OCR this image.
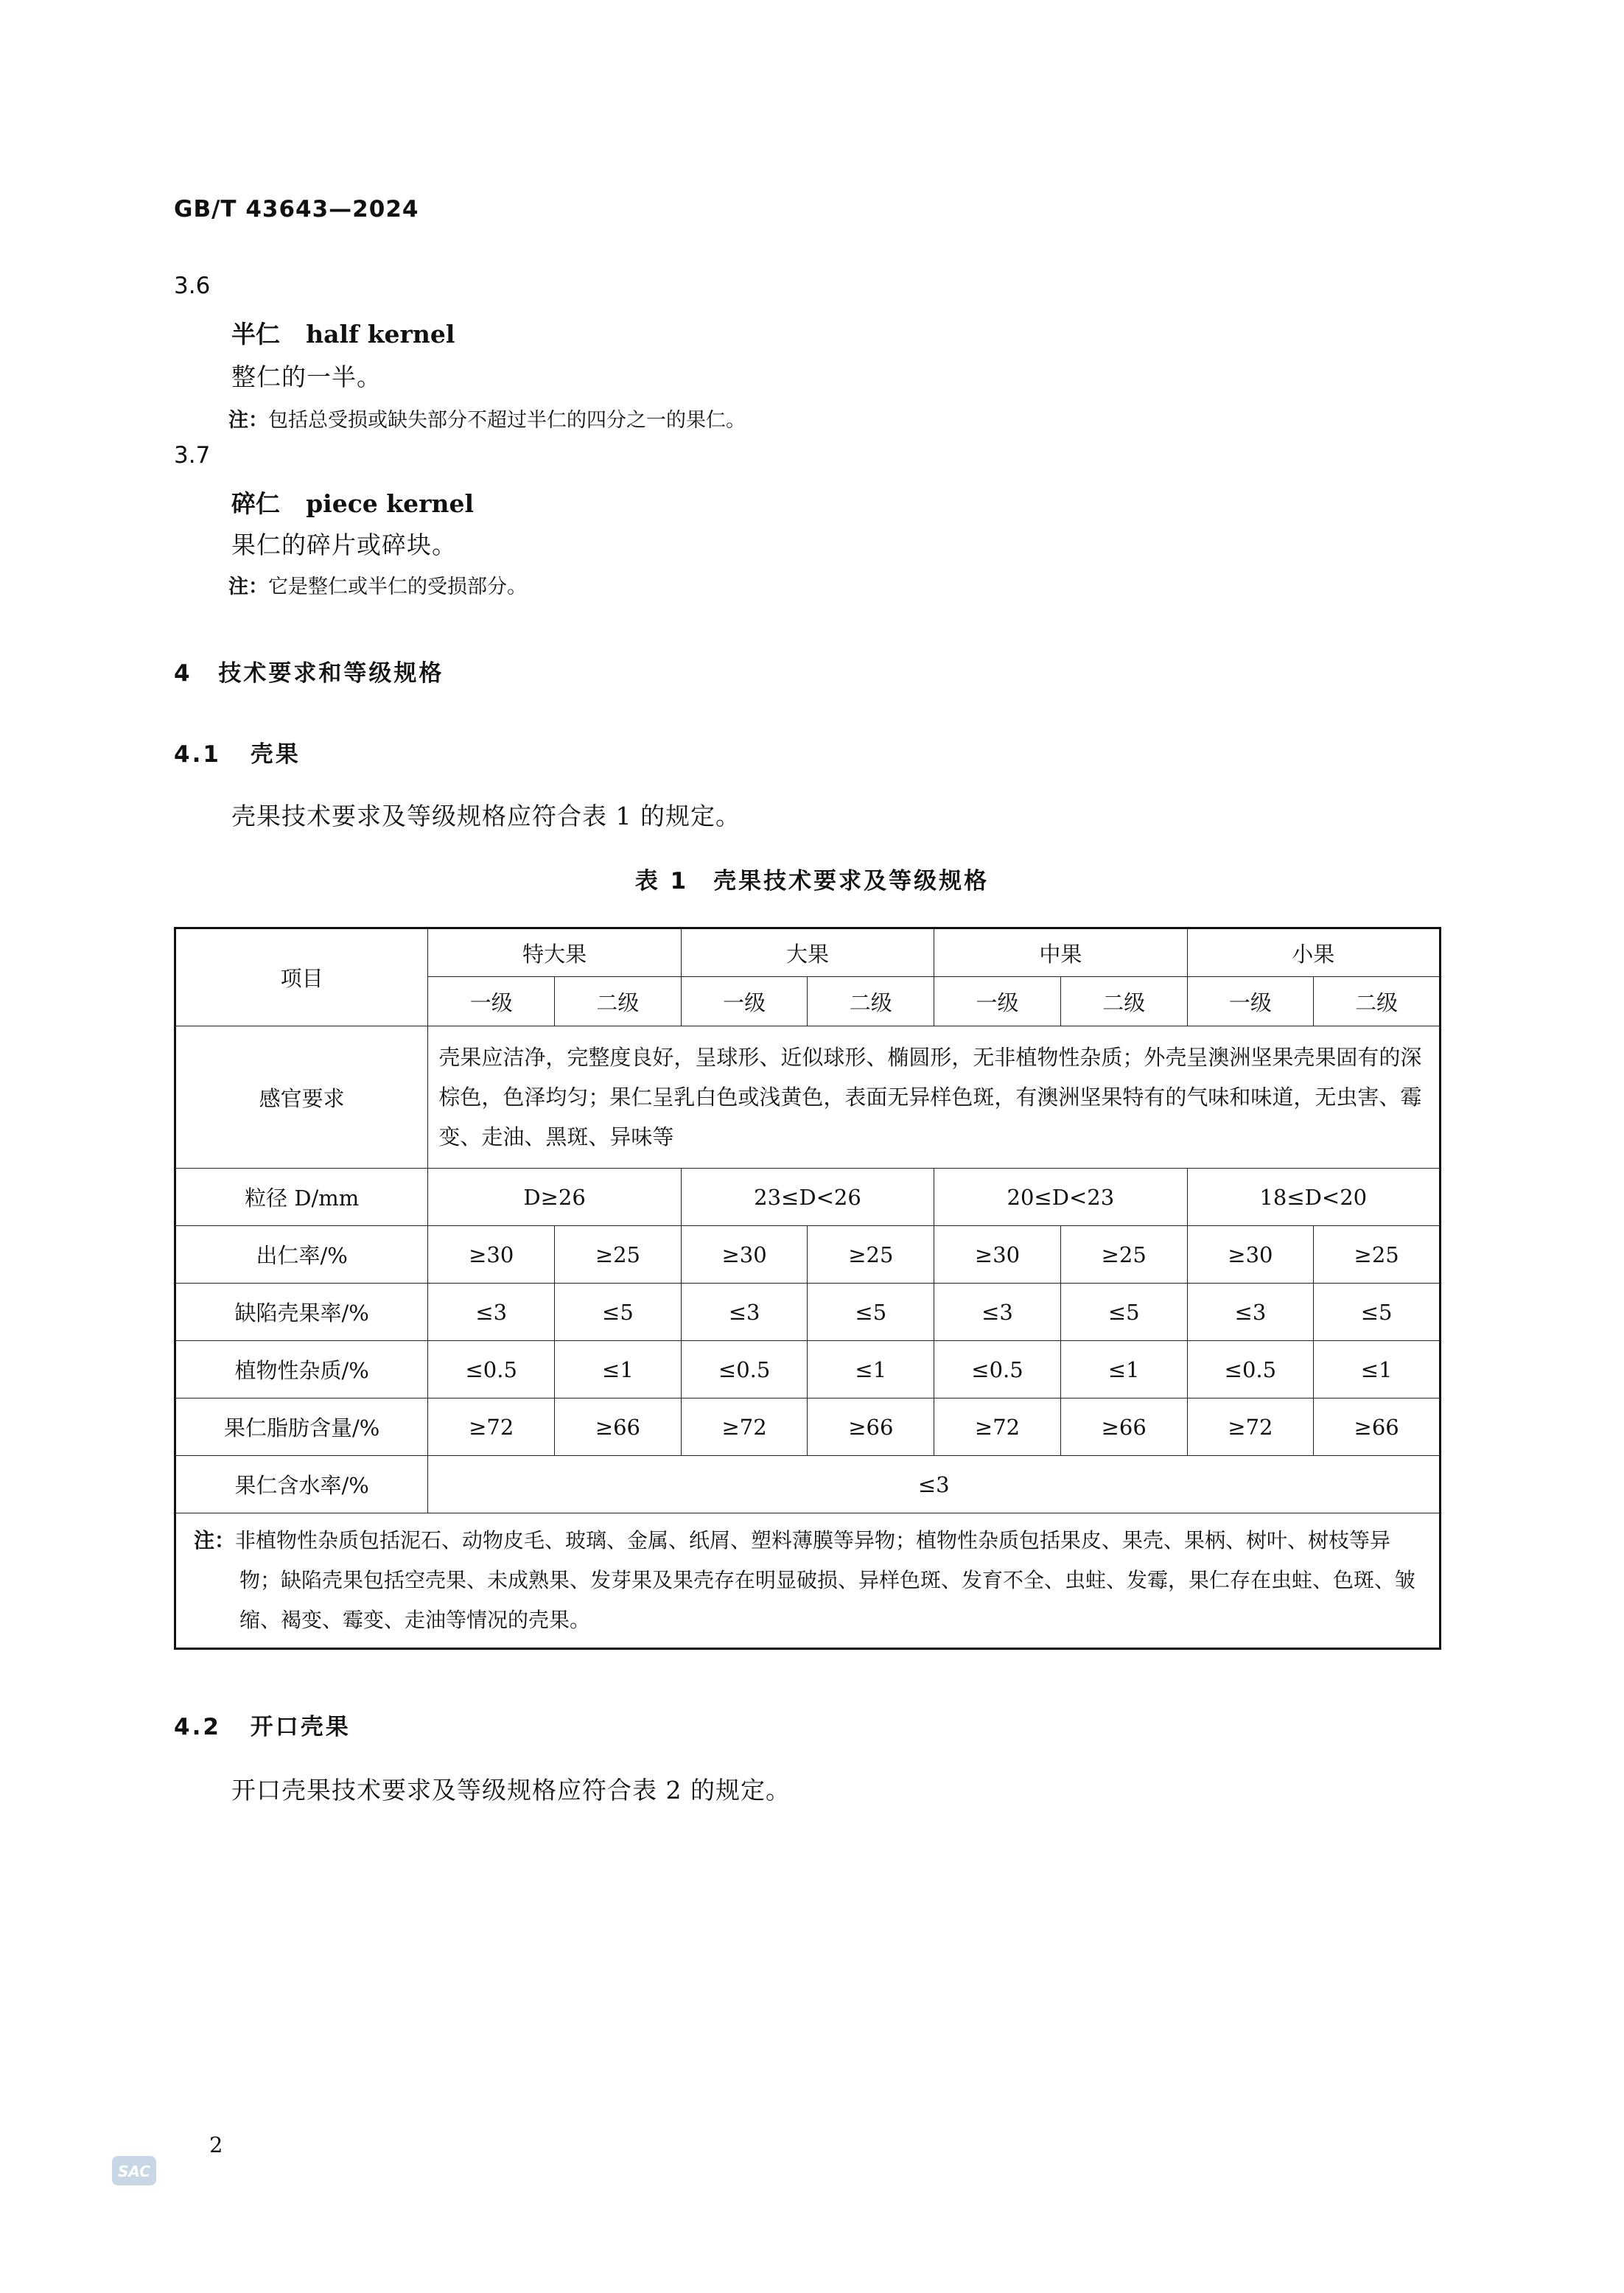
GB/T 43643—2024
3.6
半仁 half kernel
整仁的一半。
注：包括总受损或缺失部分不超过半仁的四分之一的果仁。
3.7
碎仁 piece kernel
果仁的碎片或碎块。
注：它是整仁或半仁的受损部分。
4 技术要求和等级规格
4.1 壳果
壳果技术要求及等级规格应符合表 1 的规定。
表 1　壳果技术要求及等级规格
项目	特大果		大果		中果		小果	
	一级	二级	一级	二级	一级	二级	一级	二级
感官要求	壳果应洁净，完整度良好，呈球形、近似球形、椭圆形，无非植物性杂质；外壳呈澳洲坚果壳果固有的深棕色，色泽均匀；果仁呈乳白色或浅黄色，表面无异样色斑，有澳洲坚果特有的气味和味道，无虫害、霉变、走油、黑斑、异味等							
粒径 D/mm	D≥26		23≤D<26		20≤D<23		18≤D<20	
出仁率/%	≥30	≥25	≥30	≥25	≥30	≥25	≥30	≥25
缺陷壳果率/%	≤3	≤5	≤3	≤5	≤3	≤5	≤3	≤5
植物性杂质/%	≤0.5	≤1	≤0.5	≤1	≤0.5	≤1	≤0.5	≤1
果仁脂肪含量/%	≥72	≥66	≥72	≥66	≥72	≥66	≥72	≥66
果仁含水率/%	≤3							
注：非植物性杂质包括泥石、动物皮毛、玻璃、金属、纸屑、塑料薄膜等异物；植物性杂质包括果皮、果壳、果柄、树叶、树枝等异物；缺陷壳果包括空壳果、未成熟果、发芽果及果壳存在明显破损、异样色斑、发育不全、虫蛀、发霉，果仁存在虫蛀、色斑、皱缩、褐变、霉变、走油等情况的壳果。								
4.2 开口壳果
开口壳果技术要求及等级规格应符合表 2 的规定。
2
SAC
